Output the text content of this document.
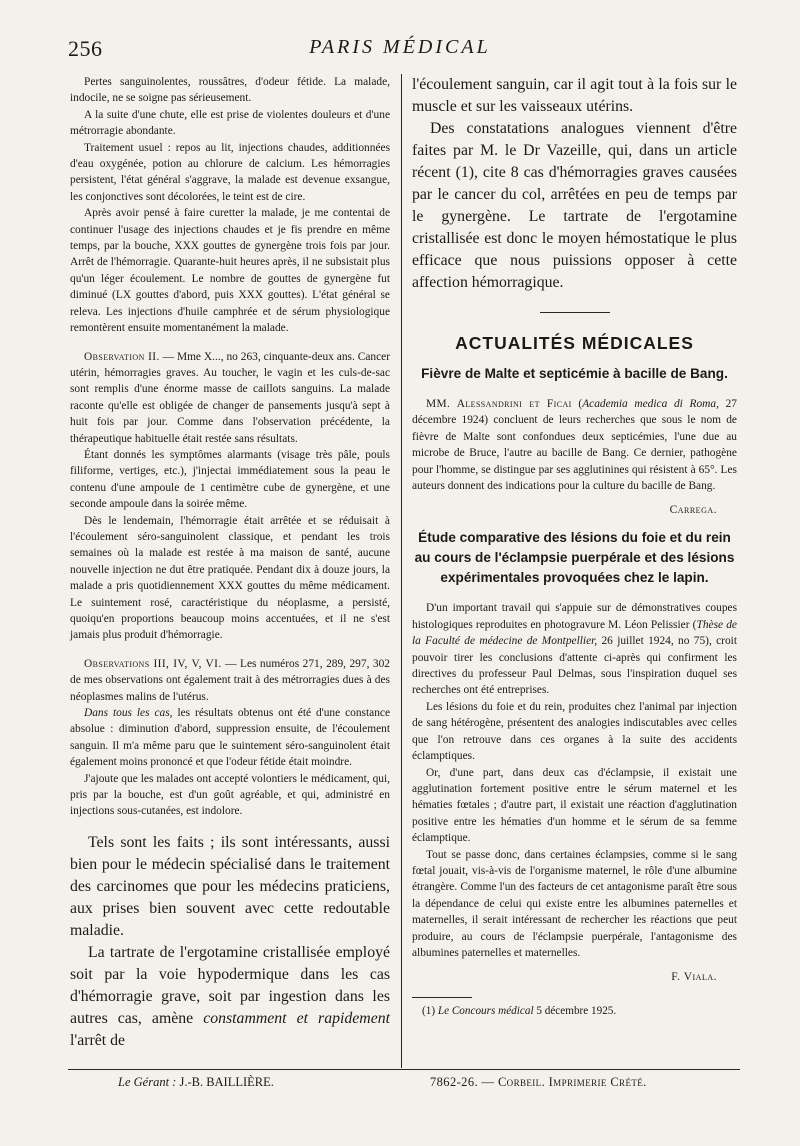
256	PARIS MÉDICAL

Pertes sanguinolentes, roussâtres, d'odeur fétide. La malade, indocile, ne se soigne pas sérieusement.

A la suite d'une chute, elle est prise de violentes douleurs et d'une métrorragie abondante.

Traitement usuel : repos au lit, injections chaudes, additionnées d'eau oxygénée, potion au chlorure de calcium. Les hémorragies persistent, l'état général s'aggrave, la malade est devenue exsangue, les conjonctives sont décolorées, le teint est de cire.

Après avoir pensé à faire curetter la malade, je me contentai de continuer l'usage des injections chaudes et je fis prendre en même temps, par la bouche, XXX gouttes de gynergène trois fois par jour. Arrêt de l'hémorragie. Quarante-huit heures après, il ne subsistait plus qu'un léger écoulement. Le nombre de gouttes de gynergène fut diminué (LX gouttes d'abord, puis XXX gouttes). L'état général se releva. Les injections d'huile camphrée et de sérum physiologique remontèrent ensuite momentanément la malade.

Observation II. — Mme X..., no 263, cinquante-deux ans. Cancer utérin, hémorragies graves. Au toucher, le vagin et les culs-de-sac sont remplis d'une énorme masse de caillots sanguins. La malade raconte qu'elle est obligée de changer de pansements jusqu'à sept à huit fois par jour. Comme dans l'observation précédente, la thérapeutique habituelle était restée sans résultats.

Étant donnés les symptômes alarmants (visage très pâle, pouls filiforme, vertiges, etc.), j'injectai immédiatement sous la peau le contenu d'une ampoule de 1 centimètre cube de gynergène, et une seconde ampoule dans la soirée même.

Dès le lendemain, l'hémorragie était arrêtée et se réduisait à l'écoulement séro-sanguinolent classique, et pendant les trois semaines où la malade est restée à ma maison de santé, aucune nouvelle injection ne dut être pratiquée. Pendant dix à douze jours, la malade a pris quotidiennement XXX gouttes du même médicament. Le suintement rosé, caractéristique du néoplasme, a persisté, quoiqu'en proportions beaucoup moins accentuées, et il ne s'est jamais plus produit d'hémorragie.

Observations III, IV, V, VI. — Les numéros 271, 289, 297, 302 de mes observations ont également trait à des métrorragies dues à des néoplasmes malins de l'utérus.

Dans tous les cas, les résultats obtenus ont été d'une constance absolue : diminution d'abord, suppression ensuite, de l'écoulement sanguin. Il m'a même paru que le suintement séro-sanguinolent était également moins prononcé et que l'odeur fétide était moindre.

J'ajoute que les malades ont accepté volontiers le médicament, qui, pris par la bouche, est d'un goût agréable, et qui, administré en injections sous-cutanées, est indolore.

Tels sont les faits ; ils sont intéressants, aussi bien pour le médecin spécialisé dans le traitement des carcinomes que pour les médecins praticiens, aux prises bien souvent avec cette redoutable maladie.

La tartrate de l'ergotamine cristallisée employé soit par la voie hypodermique dans les cas d'hémorragie grave, soit par ingestion dans les autres cas, amène constamment et rapidement l'arrêt de

l'écoulement sanguin, car il agit tout à la fois sur le muscle et sur les vaisseaux utérins.

Des constatations analogues viennent d'être faites par M. le Dr Vazeille, qui, dans un article récent (1), cite 8 cas d'hémorragies graves causées par le cancer du col, arrêtées en peu de temps par le gynergène. Le tartrate de l'ergotamine cristallisée est donc le moyen hémostatique le plus efficace que nous puissions opposer à cette affection hémorragique.

ACTUALITÉS MÉDICALES
Fièvre de Malte et septicémie à bacille de Bang.

MM. Alessandrini et Ficai (Academia medica di Roma, 27 décembre 1924) concluent de leurs recherches que sous le nom de fièvre de Malte sont confondues deux septicémies, l'une due au microbe de Bruce, l'autre au bacille de Bang. Ce dernier, pathogène pour l'homme, se distingue par ses agglutinines qui résistent à 65°. Les auteurs donnent des indications pour la culture du bacille de Bang.

Carrega.
Étude comparative des lésions du foie et du rein au cours de l'éclampsie puerpérale et des lésions expérimentales provoquées chez le lapin.

D'un important travail qui s'appuie sur de démonstratives coupes histologiques reproduites en photogravure M. Léon Pelissier (Thèse de la Faculté de médecine de Montpellier, 26 juillet 1924, no 75), croit pouvoir tirer les conclusions d'attente ci-après qui confirment les directives du professeur Paul Delmas, sous l'inspiration duquel ses recherches ont été entreprises.

Les lésions du foie et du rein, produites chez l'animal par injection de sang hétérogène, présentent des analogies indiscutables avec celles que l'on retrouve dans ces organes à la suite des accidents éclamptiques.

Or, d'une part, dans deux cas d'éclampsie, il existait une agglutination fortement positive entre le sérum maternel et les hématies fœtales ; d'autre part, il existait une réaction d'agglutination positive entre les hématies d'un homme et le sérum de sa femme éclamptique.

Tout se passe donc, dans certaines éclampsies, comme si le sang fœtal jouait, vis-à-vis de l'organisme maternel, le rôle d'une albumine étrangère. Comme l'un des facteurs de cet antagonisme paraît être sous la dépendance de celui qui existe entre les albumines paternelles et maternelles, il serait intéressant de rechercher les réactions que peut produire, au cours de l'éclampsie puerpérale, l'antagonisme des albumines paternelles et maternelles.

F. Viala.

(1) Le Concours médical 5 décembre 1925.

Le Gérant : J.-B. BAILLIÈRE.	7862-26. — Corbeil. Imprimerie Crété.
